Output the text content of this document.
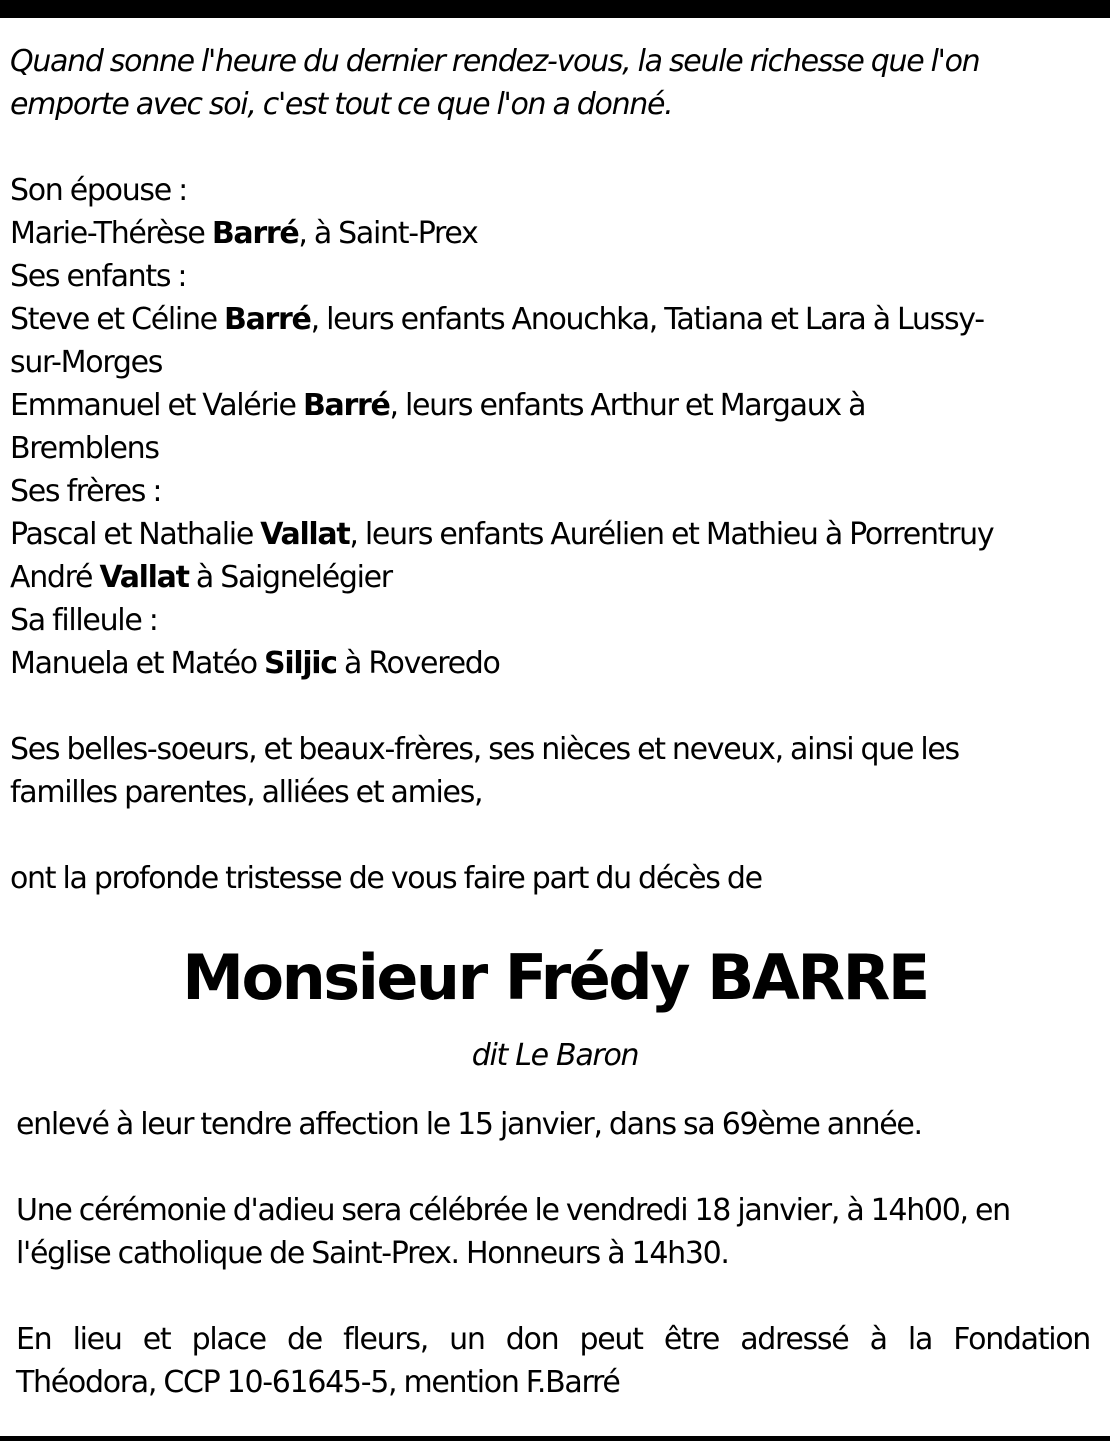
Quand sonne l'heure du dernier rendez-vous, la seule richesse que l'on
emporte avec soi, c'est tout ce que l'on a donné.
Son épouse :
Marie-Thérèse Barré, à Saint-Prex
Ses enfants :
Steve et Céline Barré, leurs enfants Anouchka, Tatiana et Lara à Lussy-
sur-Morges
Emmanuel et Valérie Barré, leurs enfants Arthur et Margaux à
Bremblens
Ses frères :
Pascal et Nathalie Vallat, leurs enfants Aurélien et Mathieu à Porrentruy
André Vallat à Saignelégier
Sa filleule :
Manuela et Matéo Siljic à Roveredo
Ses belles-soeurs, et beaux-frères, ses nièces et neveux, ainsi que les
familles parentes, alliées et amies,
ont la profonde tristesse de vous faire part du décès de
Monsieur Frédy BARRE
dit Le Baron
enlevé à leur tendre affection le 15 janvier, dans sa 69ème année.
Une cérémonie d'adieu sera célébrée le vendredi 18 janvier, à 14h00, en
l'église catholique de Saint-Prex. Honneurs à 14h30.
En lieu et place de fleurs, un don peut être adressé à la Fondation
Théodora, CCP 10-61645-5, mention F.Barré
